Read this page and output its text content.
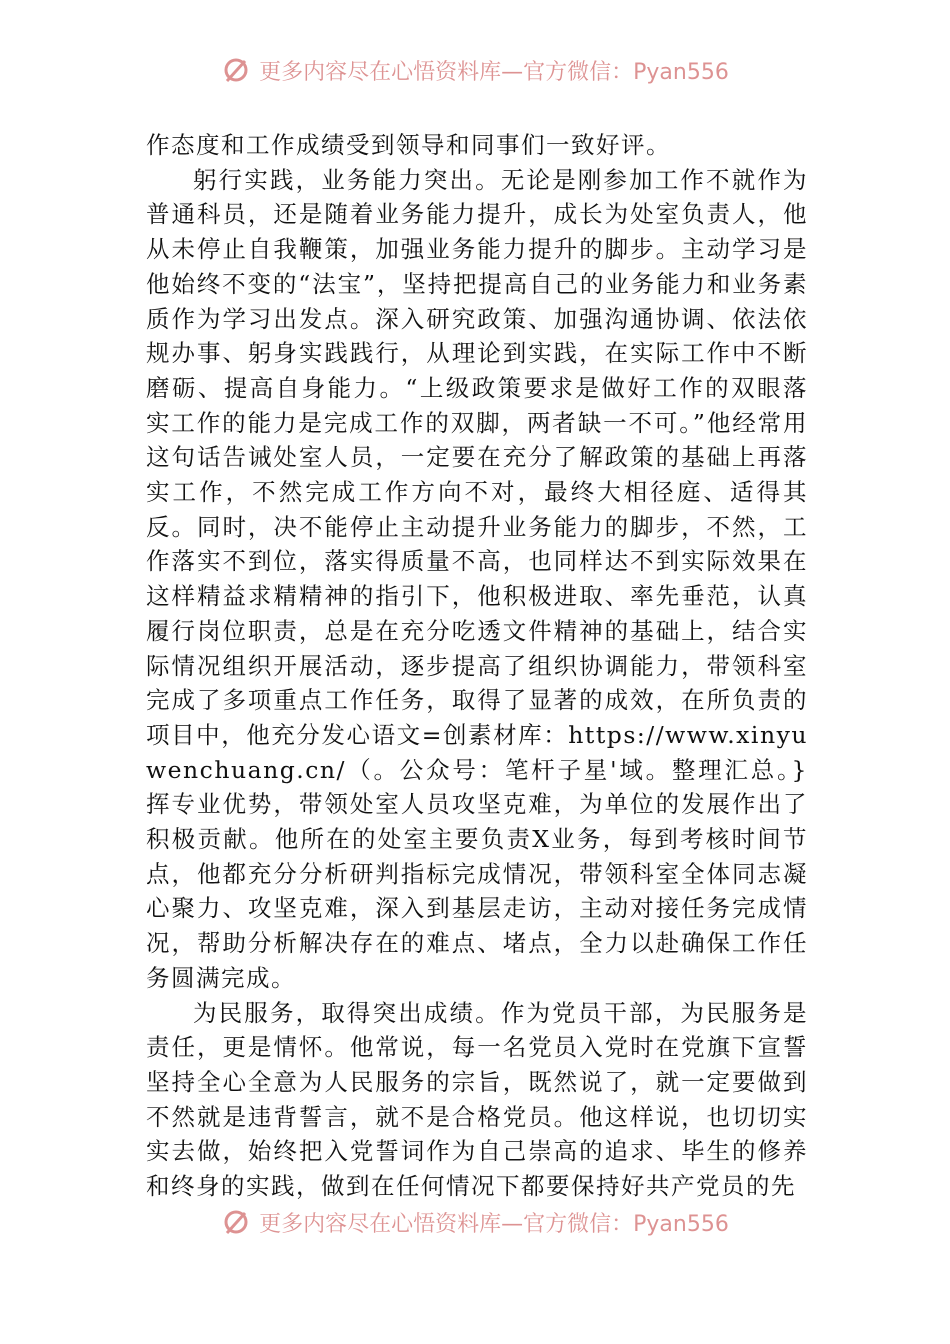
更多内容尽在心悟资料库—官方微信：Pyan556

作态度和工作成绩受到领导和同事们一致好评。

躬行实践，业务能力突出。无论是刚参加工作不就作为普通科员，还是随着业务能力提升，成长为处室负责人，他从未停止自我鞭策，加强业务能力提升的脚步。主动学习是他始终不变的“法宝”，坚持把提高自己的业务能力和业务素质作为学习出发点。深入研究政策、加强沟通协调、依法依规办事、躬身实践践行，从理论到实践，在实际工作中不断磨砺、提高自身能力。“上级政策要求是做好工作的双眼落实工作的能力是完成工作的双脚，两者缺一不可。”他经常用这句话告诫处室人员，一定要在充分了解政策的基础上再落实工作，不然完成工作方向不对，最终大相径庭、适得其反。同时，决不能停止主动提升业务能力的脚步，不然，工作落实不到位，落实得质量不高，也同样达不到实际效果在这样精益求精精神的指引下，他积极进取、率先垂范，认真履行岗位职责，总是在充分吃透文件精神的基础上，结合实际情况组织开展活动，逐步提高了组织协调能力，带领科室完成了多项重点工作任务，取得了显著的成效，在所负责的项目中，他充分发心语文=创素材库：https://www.xinyuwenchuang.cn/（。公众号：笔杆子星'域。整理汇总。}挥专业优势，带领处室人员攻坚克难，为单位的发展作出了积极贡献。他所在的处室主要负责X业务，每到考核时间节点，他都充分分析研判指标完成情况，带领科室全体同志凝心聚力、攻坚克难，深入到基层走访，主动对接任务完成情况，帮助分析解决存在的难点、堵点，全力以赴确保工作任务圆满完成。

为民服务，取得突出成绩。作为党员干部，为民服务是责任，更是情怀。他常说，每一名党员入党时在党旗下宣誓坚持全心全意为人民服务的宗旨，既然说了，就一定要做到不然就是违背誓言，就不是合格党员。他这样说，也切切实实去做，始终把入党誓词作为自己崇高的追求、毕生的修养和终身的实践，做到在任何情况下都要保持好共产党员的先

更多内容尽在心悟资料库—官方微信：Pyan556
